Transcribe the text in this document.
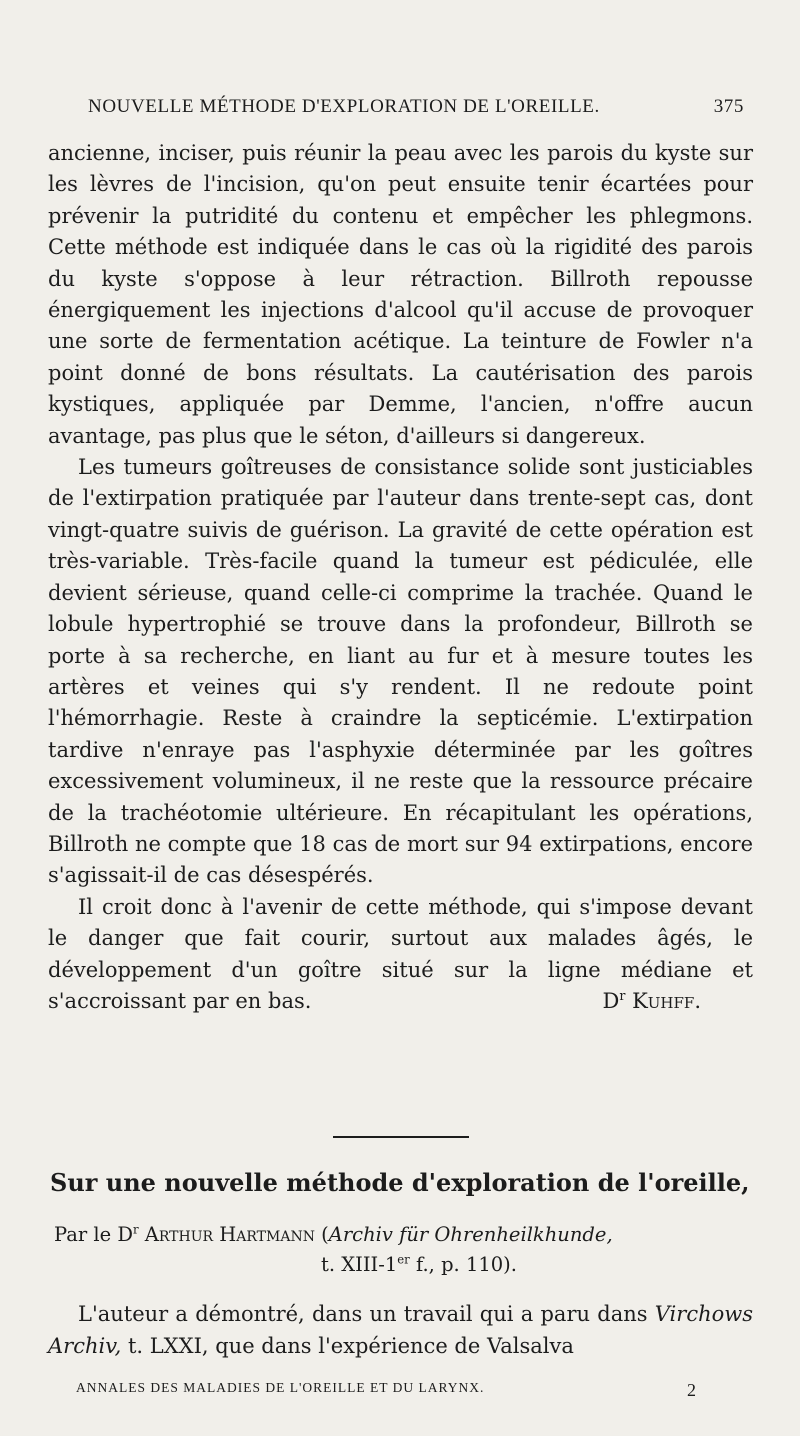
NOUVELLE MÉTHODE D'EXPLORATION DE L'OREILLE.	375

ancienne, inciser, puis réunir la peau avec les parois du kyste sur les lèvres de l'incision, qu'on peut ensuite tenir écartées pour prévenir la putridité du contenu et empêcher les phlegmons. Cette méthode est indiquée dans le cas où la rigidité des parois du kyste s'oppose à leur rétraction. Billroth repousse énergiquement les injections d'alcool qu'il accuse de provoquer une sorte de fermentation acétique. La teinture de Fowler n'a point donné de bons résultats. La cautérisation des parois kystiques, appliquée par Demme, l'ancien, n'offre aucun avantage, pas plus que le séton, d'ailleurs si dangereux.

Les tumeurs goîtreuses de consistance solide sont justiciables de l'extirpation pratiquée par l'auteur dans trente-sept cas, dont vingt-quatre suivis de guérison. La gravité de cette opération est très-variable. Très-facile quand la tumeur est pédiculée, elle devient sérieuse, quand celle-ci comprime la trachée. Quand le lobule hypertrophié se trouve dans la profondeur, Billroth se porte à sa recherche, en liant au fur et à mesure toutes les artères et veines qui s'y rendent. Il ne redoute point l'hémorrhagie. Reste à craindre la septicémie. L'extirpation tardive n'enraye pas l'asphyxie déterminée par les goîtres excessivement volumineux, il ne reste que la ressource précaire de la trachéotomie ultérieure. En récapitulant les opérations, Billroth ne compte que 18 cas de mort sur 94 extirpations, encore s'agissait-il de cas désespérés.

Il croit donc à l'avenir de cette méthode, qui s'impose devant le danger que fait courir, surtout aux malades âgés, le développement d'un goître situé sur la ligne médiane et s'accroissant par en bas.	$D^r$ Kuhff.

Sur une nouvelle méthode d'exploration de l'oreille,
Par le $D^r$ Arthur Hartmann (Archiv für Ohrenheilkhunde,
t. XIII-1er f., p. 110).
L'auteur a démontré, dans un travail qui a paru dans Virchows Archiv, t. LXXI, que dans l'expérience de Valsalva
ANNALES DES MALADIES DE L'OREILLE ET DU LARYNX.	2
